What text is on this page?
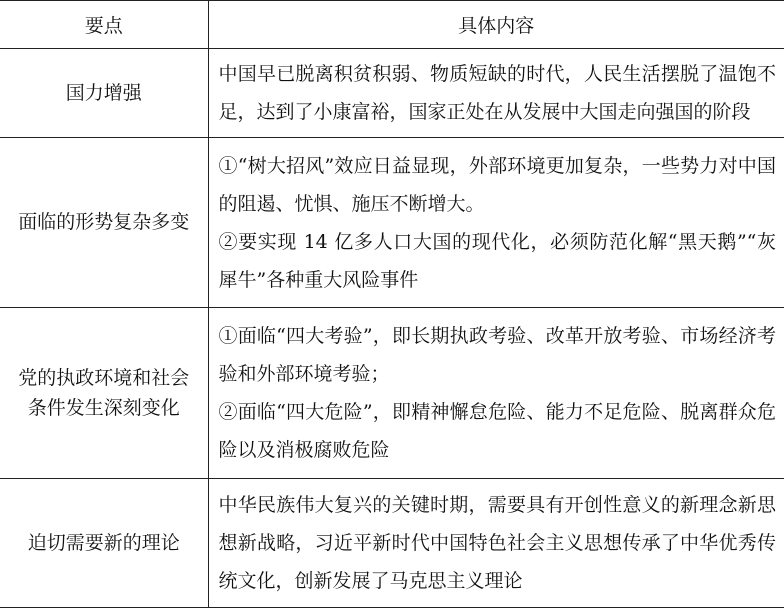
要点	具体内容
国力增强	中国早已脱离积贫积弱、物质短缺的时代，人民生活摆脱了温饱不足，达到了小康富裕，国家正处在从发展中大国走向强国的阶段

面临的形势复杂多变	①“树大招风”效应日益显现，外部环境更加复杂，一些势力对中国的阻遏、忧惧、施压不断增大。
②要实现 14 亿多人口大国的现代化，必须防范化解“黑天鹅”“灰犀牛”各种重大风险事件

党的执政环境和社会条件发生深刻变化	①面临“四大考验”，即长期执政考验、改革开放考验、市场经济考验和外部环境考验；
②面临“四大危险”，即精神懈怠危险、能力不足危险、脱离群众危险以及消极腐败危险

迫切需要新的理论	中华民族伟大复兴的关键时期，需要具有开创性意义的新理念新思想新战略，习近平新时代中国特色社会主义思想传承了中华优秀传统文化，创新发展了马克思主义理论
